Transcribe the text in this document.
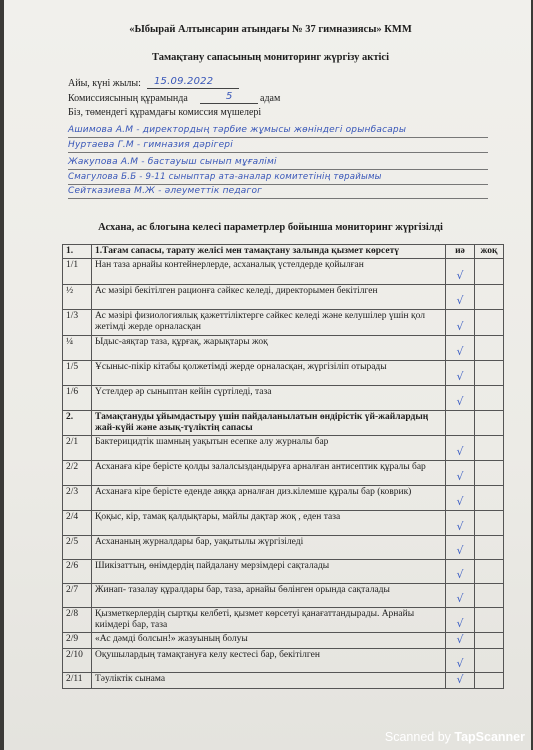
«Ыбырай Алтынсарин атындағы № 37 гимназиясы» КММ
Тамақтану сапасының мониторинг жүргізу актісі
Айы, күні жылы: 15.09.2022
Комиссиясының құрамында	5	адам
Біз, төмендегі құрамдағы комиссия мүшелері
Ашимова А.М - директордың тәрбие жұмысы жөніндегі орынбасары
Нуртаева Г.М - гимназия дәрігері
Жакупова А.М - бастауыш сынып мұғалімі
Смагулова Б.Б - 9-11 сыныптар ата-аналар комитетінің төрайымы
Сейтказиева М.Ж - әлеуметтік педагог
Асхана, ас блогына келесі параметрлер бойынша мониторинг жүргізілді
1.	1.Тағам сапасы, тарату желісі мен тамақтану залында қызмет көрсетү	иә	жоқ
1/1	Нан таза арнайы контейнерлерде, асханалық үстелдерде қойылған	√	
½	Ас мәзірі бекітілген рационға сәйкес келеді, директорымен бекітілген	√	
1/3	Ас мәзірі физиологиялық қажеттіліктерге сәйкес келеді және келушілер үшін қол жетімді жерде орналасқан	√	
¼	Ыдыс-аяқтар таза, құрғақ, жарықтары жоқ	√	
1/5	Ұсыныс-пікір кітабы қолжетімді жерде орналасқан, жүргізіліп отырады	√	
1/6	Үстелдер әр сыныптан кейін сүртіледі, таза	√	
2.	Тамақтануды ұйымдастыру үшін пайдаланылатын өндірістік үй-жайлардың жай-күйі және азық-түліктің сапасы		
2/1	Бактерицидтік шамның уақытын есепке алу журналы бар	√	
2/2	Асханаға кіре берісте қолды залалсыздандыруға арналған антисептик құралы бар	√	
2/3	Асханаға кіре берісте еденде аяққа арналған диз.кілемше құралы бар (коврик)	√	
2/4	Қоқыс, кір, тамақ қалдықтары, майлы дақтар жоқ , еден таза	√	
2/5	Асхананың журналдары бар, уақытылы жүргізіледі	√	
2/6	Шикізаттың, өнімдердің пайдалану мерзімдері сақталады	√	
2/7	Жинап- тазалау құралдары бар, таза, арнайы бөлінген орында сақталады	√	
2/8	Қызметкерлердің сыртқы келбеті, қызмет көрсетуі қанағаттандырады. Арнайы киімдері бар, таза	√	
2/9	«Ас дәмді болсын!» жазуының болуы	√	
2/10	Оқушылардың тамақтануға келу кестесі бар, бекітілген	√	
2/11	Тәуліктік сынама	√	
Scanned by TapScanner
